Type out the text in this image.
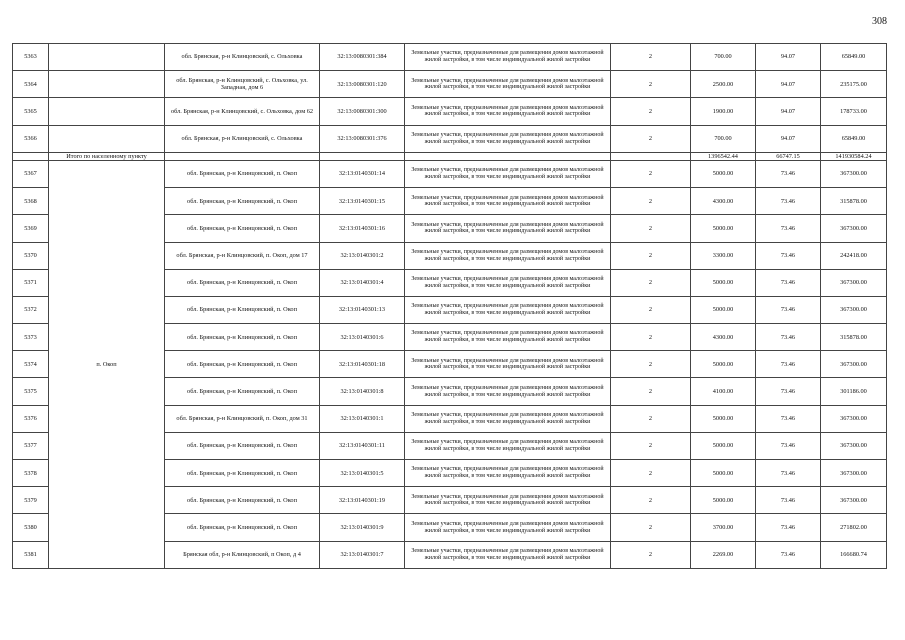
308
5363		обл. Брянская, р-н Клинцовский, с. Ольховка	32:13:0080301:384	Земельные участки, предназначенные для размещения домов малоэтажной жилой застройки, в том числе индивидуальной жилой застройки	2	700.00	94.07	65849.00
5364		обл. Брянская, р-н Клинцовский, с. Ольховка, ул. Западная, дом 6	32:13:0080301:120	Земельные участки, предназначенные для размещения домов малоэтажной жилой застройки, в том числе индивидуальной жилой застройки	2	2500.00	94.07	235175.00
5365		обл. Брянская, р-н Клинцовский, с. Ольховка, дом 62	32:13:0080301:300	Земельные участки, предназначенные для размещения домов малоэтажной жилой застройки, в том числе индивидуальной жилой застройки	2	1900.00	94.07	178733.00
5366		обл. Брянская, р-н Клинцовский, с. Ольховка	32:13:0080301:376	Земельные участки, предназначенные для размещения домов малоэтажной жилой застройки, в том числе индивидуальной жилой застройки	2	700.00	94.07	65849.00
	Итого по населенному пункту					1396542.44	66747.15	141930584.24
5367	п. Окоп	обл. Брянская, р-н Клинцовский, п. Окоп	32:13:0140301:14	Земельные участки, предназначенные для размещения домов малоэтажной жилой застройки, в том числе индивидуальной жилой застройки	2	5000.00	73.46	367300.00
5368		обл. Брянская, р-н Клинцовский, п. Окоп	32:13:0140301:15	Земельные участки, предназначенные для размещения домов малоэтажной жилой застройки, в том числе индивидуальной жилой застройки	2	4300.00	73.46	315878.00
5369		обл. Брянская, р-н Клинцовский, п. Окоп	32:13:0140301:16	Земельные участки, предназначенные для размещения домов малоэтажной жилой застройки, в том числе индивидуальной жилой застройки	2	5000.00	73.46	367300.00
5370		обл. Брянская, р-н Клинцовский, п. Окоп, дом 17	32:13:0140301:2	Земельные участки, предназначенные для размещения домов малоэтажной жилой застройки, в том числе индивидуальной жилой застройки	2	3300.00	73.46	242418.00
5371		обл. Брянская, р-н Клинцовский, п. Окоп	32:13:0140301:4	Земельные участки, предназначенные для размещения домов малоэтажной жилой застройки, в том числе индивидуальной жилой застройки	2	5000.00	73.46	367300.00
5372		обл. Брянская, р-н Клинцовский, п. Окоп	32:13:0140301:13	Земельные участки, предназначенные для размещения домов малоэтажной жилой застройки, в том числе индивидуальной жилой застройки	2	5000.00	73.46	367300.00
5373		обл. Брянская, р-н Клинцовский, п. Окоп	32:13:0140301:6	Земельные участки, предназначенные для размещения домов малоэтажной жилой застройки, в том числе индивидуальной жилой застройки	2	4300.00	73.46	315878.00
5374		обл. Брянская, р-н Клинцовский, п. Окоп	32:13:0140301:18	Земельные участки, предназначенные для размещения домов малоэтажной жилой застройки, в том числе индивидуальной жилой застройки	2	5000.00	73.46	367300.00
5375		обл. Брянская, р-н Клинцовский, п. Окоп	32:13:0140301:8	Земельные участки, предназначенные для размещения домов малоэтажной жилой застройки, в том числе индивидуальной жилой застройки	2	4100.00	73.46	301186.00
5376		обл. Брянская, р-н Клинцовский, п. Окоп, дом 31	32:13:0140301:1	Земельные участки, предназначенные для размещения домов малоэтажной жилой застройки, в том числе индивидуальной жилой застройки	2	5000.00	73.46	367300.00
5377		обл. Брянская, р-н Клинцовский, п. Окоп	32:13:0140301:11	Земельные участки, предназначенные для размещения домов малоэтажной жилой застройки, в том числе индивидуальной жилой застройки	2	5000.00	73.46	367300.00
5378		обл. Брянская, р-н Клинцовский, п. Окоп	32:13:0140301:5	Земельные участки, предназначенные для размещения домов малоэтажной жилой застройки, в том числе индивидуальной жилой застройки	2	5000.00	73.46	367300.00
5379		обл. Брянская, р-н Клинцовский, п. Окоп	32:13:0140301:19	Земельные участки, предназначенные для размещения домов малоэтажной жилой застройки, в том числе индивидуальной жилой застройки	2	5000.00	73.46	367300.00
5380		обл. Брянская, р-н Клинцовский, п. Окоп	32:13:0140301:9	Земельные участки, предназначенные для размещения домов малоэтажной жилой застройки, в том числе индивидуальной жилой застройки	2	3700.00	73.46	271802.00
5381		Брянская обл, р-н Клинцовский, п Окоп, д 4	32:13:0140301:7	Земельные участки, предназначенные для размещения домов малоэтажной жилой застройки, в том числе индивидуальной жилой застройки	2	2269.00	73.46	166680.74
